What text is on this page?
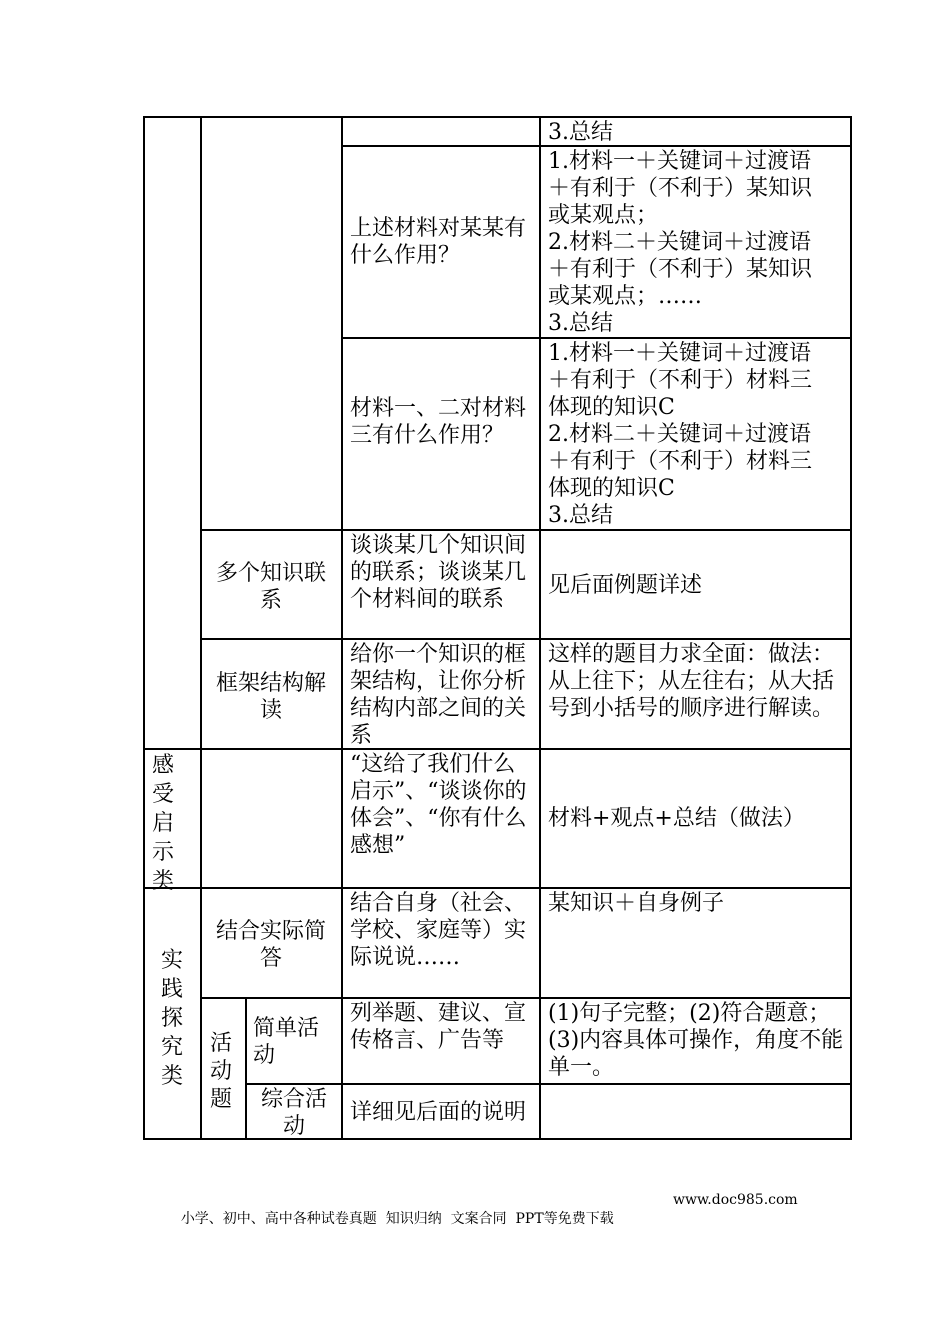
3.总结
上述材料对某某有什么作用？

1.材料一＋关键词＋过渡语

＋有利于（不利于）某知识

或某观点；

2.材料二＋关键词＋过渡语

＋有利于（不利于）某知识

或某观点；……

3.总结

材料一、二对材料三有什么作用？

1.材料一＋关键词＋过渡语

＋有利于（不利于）材料三

体现的知识C

2.材料二＋关键词＋过渡语

＋有利于（不利于）材料三

体现的知识C

3.总结

多个知识联系
谈谈某几个知识间的联系；谈谈某几个材料间的联系
见后面例题详述
框架结构解读
给你一个知识的框架结构，让你分析结构内部之间的关系
这样的题目力求全面：做法：从上往下；从左往右；从大括号到小括号的顺序进行解读。
感受启示类
“这给了我们什么启示”、“谈谈你的体会”、“你有什么感想”
材料+观点+总结（做法）
实践探究类
结合实际简答
结合自身（社会、学校、家庭等）实际说说……
某知识＋自身例子
活动题
简单活动
列举题、建议、宣传格言、广告等
(1)句子完整；(2)符合题意；(3)内容具体可操作，角度不能单一。
综合活动
详细见后面的说明

小学、初中、高中各种试卷真题  知识归纳  文案合同  PPT等免费下载

www.doc985.com
